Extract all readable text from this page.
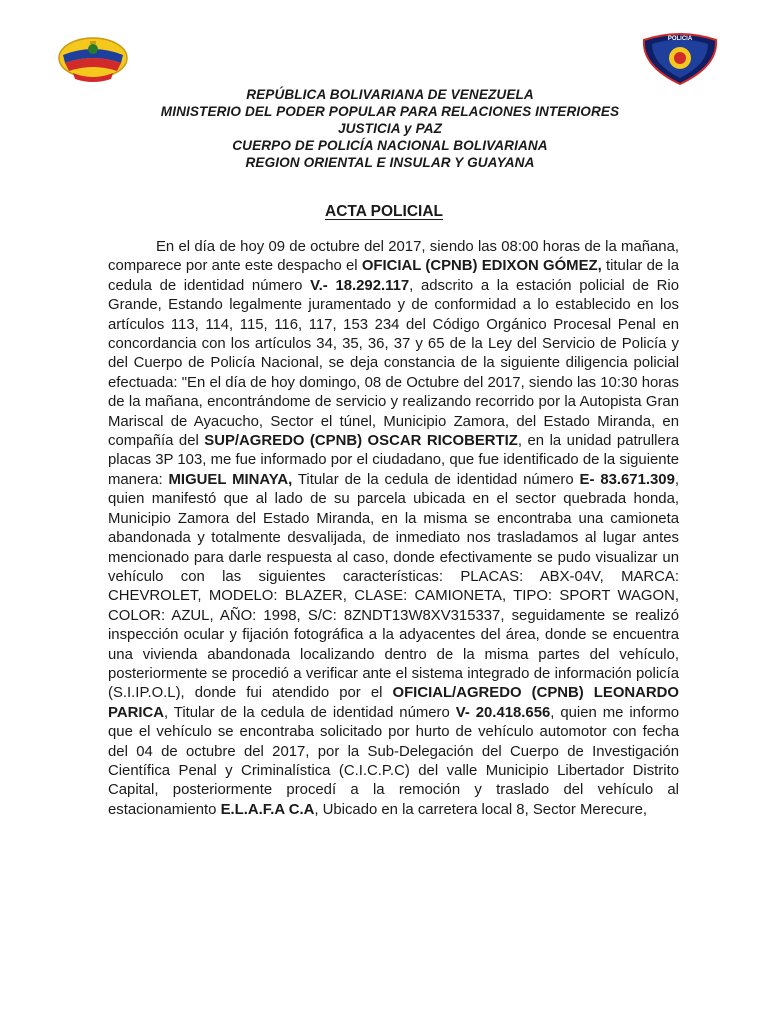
POLICIA
REPÚBLICA BOLIVARIANA DE VENEZUELA
MINISTERIO DEL PODER POPULAR PARA RELACIONES INTERIORES
JUSTICIA y PAZ
CUERPO DE POLICÍA NACIONAL BOLIVARIANA
REGION ORIENTAL E INSULAR Y GUAYANA
ACTA POLICIAL

En el día de hoy 09 de octubre del 2017, siendo las 08:00 horas de la mañana, comparece por ante este despacho el OFICIAL (CPNB) EDIXON GÓMEZ, titular de la cedula de identidad número V.- 18.292.117, adscrito a la estación policial de Rio Grande, Estando legalmente juramentado y de conformidad a lo establecido en los artículos 113, 114, 115, 116, 117, 153 234 del Código Orgánico Procesal Penal en concordancia con los artículos 34, 35, 36, 37 y 65 de la Ley del Servicio de Policía y del Cuerpo de Policía Nacional, se deja constancia de la siguiente diligencia policial efectuada: "En el día de hoy domingo, 08 de Octubre del 2017, siendo las 10:30 horas de la mañana, encontrándome de servicio y realizando recorrido por la Autopista Gran Mariscal de Ayacucho, Sector el túnel, Municipio Zamora, del Estado Miranda, en compañía del SUP/AGREDO (CPNB) OSCAR RICOBERTIZ, en la unidad patrullera placas 3P 103, me fue informado por el ciudadano, que fue identificado de la siguiente manera: MIGUEL MINAYA, Titular de la cedula de identidad número E- 83.671.309, quien manifestó que al lado de su parcela ubicada en el sector quebrada honda, Municipio Zamora del Estado Miranda, en la misma se encontraba una camioneta abandonada y totalmente desvalijada, de inmediato nos trasladamos al lugar antes mencionado para darle respuesta al caso, donde efectivamente se pudo visualizar un vehículo con las siguientes características: PLACAS: ABX-04V, MARCA: CHEVROLET, MODELO: BLAZER, CLASE: CAMIONETA, TIPO: SPORT WAGON, COLOR: AZUL, AÑO: 1998, S/C: 8ZNDT13W8XV315337, seguidamente se realizó inspección ocular y fijación fotográfica a la adyacentes del área, donde se encuentra una vivienda abandonada localizando dentro de la misma partes del vehículo, posteriormente se procedió a verificar ante el sistema integrado de información policía (S.I.IP.O.L), donde fui atendido por el OFICIAL/AGREDO (CPNB) LEONARDO PARICA, Titular de la cedula de identidad número V- 20.418.656, quien me informo que el vehículo se encontraba solicitado por hurto de vehículo automotor con fecha del 04 de octubre del 2017, por la Sub-Delegación del Cuerpo de Investigación Científica Penal y Criminalística (C.I.C.P.C) del valle Municipio Libertador Distrito Capital, posteriormente procedí a la remoción y traslado del vehículo al estacionamiento E.L.A.F.A C.A, Ubicado en la carretera local 8, Sector Merecure,
